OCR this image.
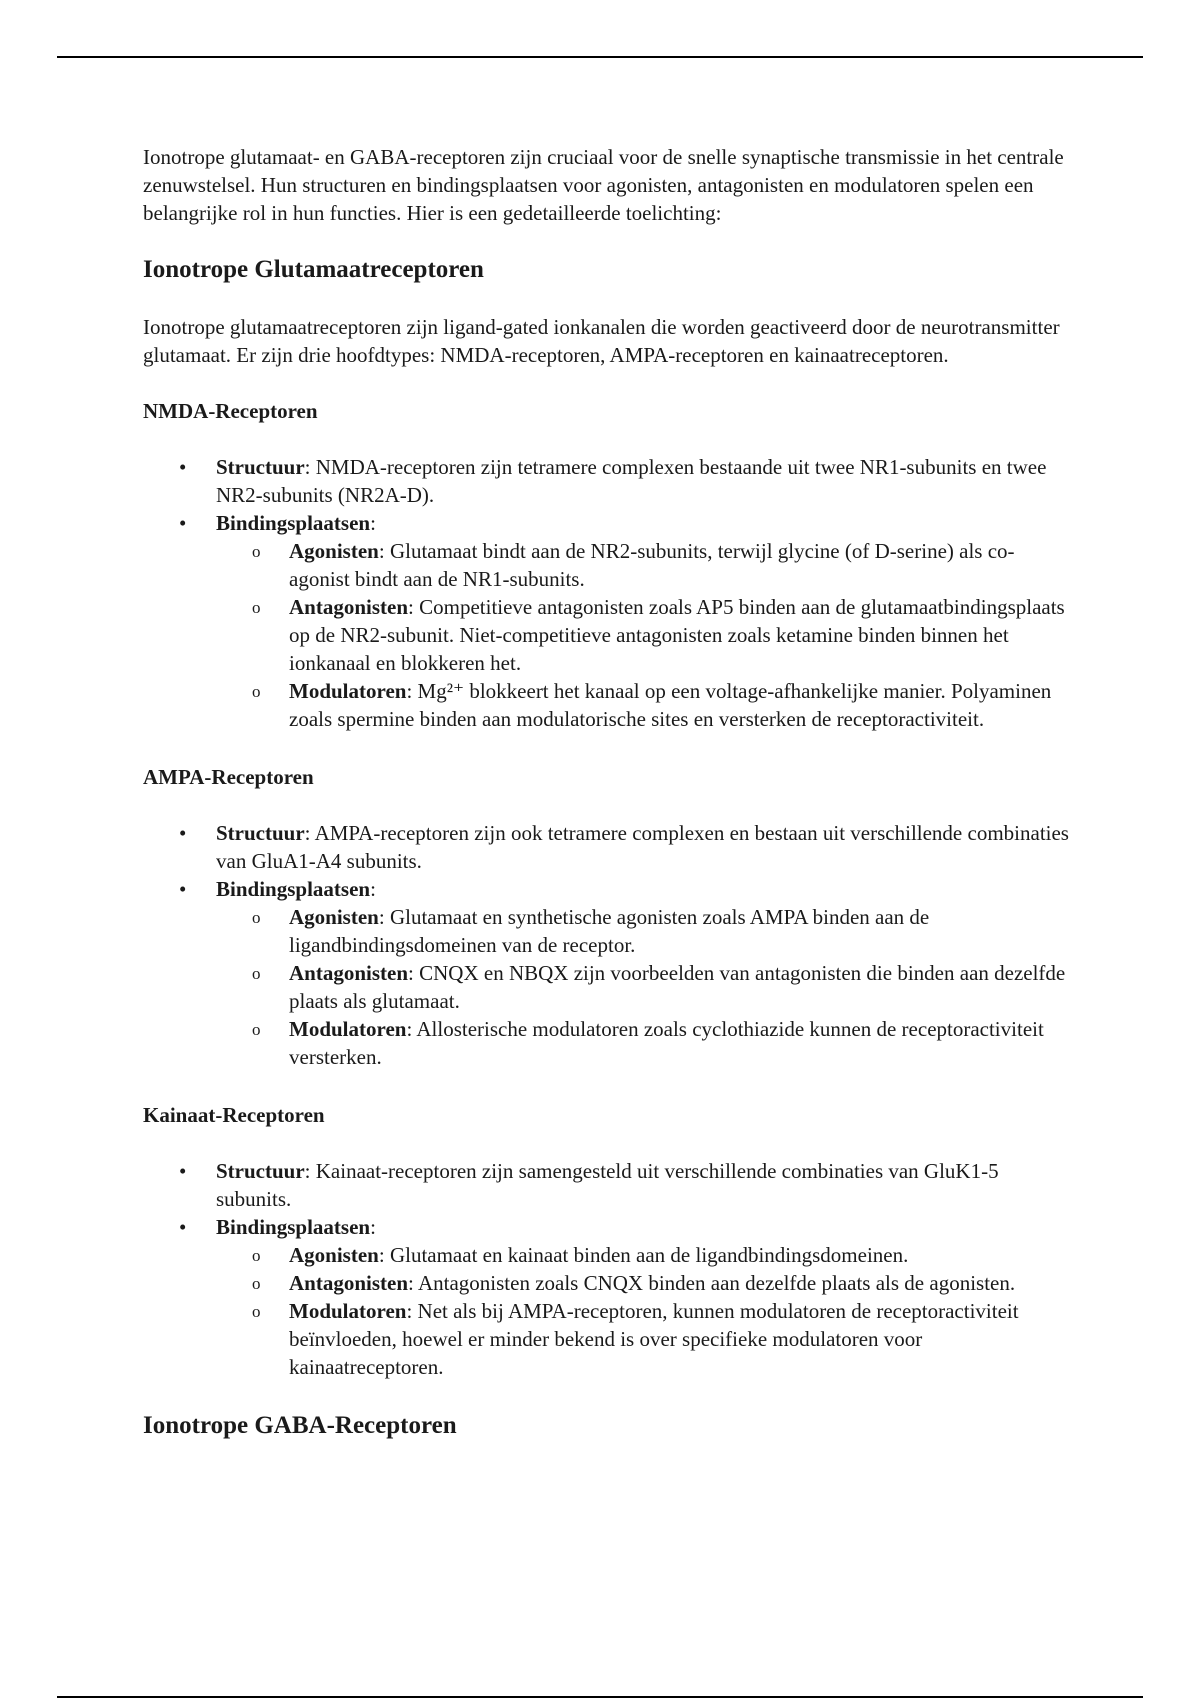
Ionotrope glutamaat- en GABA-receptoren zijn cruciaal voor de snelle synaptische transmissie in het centrale zenuwstelsel. Hun structuren en bindingsplaatsen voor agonisten, antagonisten en modulatoren spelen een belangrijke rol in hun functies. Hier is een gedetailleerde toelichting:

Ionotrope Glutamaatreceptoren

Ionotrope glutamaatreceptoren zijn ligand-gated ionkanalen die worden geactiveerd door de neurotransmitter glutamaat. Er zijn drie hoofdtypes: NMDA-receptoren, AMPA-receptoren en kainaatreceptoren.

NMDA-Receptoren
• Structuur: NMDA-receptoren zijn tetramere complexen bestaande uit twee NR1-subunits en twee NR2-subunits (NR2A-D).
• Bindingsplaatsen:
o Agonisten: Glutamaat bindt aan de NR2-subunits, terwijl glycine (of D-serine) als co-agonist bindt aan de NR1-subunits.
o Antagonisten: Competitieve antagonisten zoals AP5 binden aan de glutamaatbindingsplaats op de NR2-subunit. Niet-competitieve antagonisten zoals ketamine binden binnen het ionkanaal en blokkeren het.
o Modulatoren: Mg²⁺ blokkeert het kanaal op een voltage-afhankelijke manier. Polyaminen zoals spermine binden aan modulatorische sites en versterken de receptoractiviteit.
AMPA-Receptoren
• Structuur: AMPA-receptoren zijn ook tetramere complexen en bestaan uit verschillende combinaties van GluA1-A4 subunits.
• Bindingsplaatsen:
o Agonisten: Glutamaat en synthetische agonisten zoals AMPA binden aan de ligandbindingsdomeinen van de receptor.
o Antagonisten: CNQX en NBQX zijn voorbeelden van antagonisten die binden aan dezelfde plaats als glutamaat.
o Modulatoren: Allosterische modulatoren zoals cyclothiazide kunnen de receptoractiviteit versterken.
Kainaat-Receptoren
• Structuur: Kainaat-receptoren zijn samengesteld uit verschillende combinaties van GluK1-5 subunits.
• Bindingsplaatsen:
o Agonisten: Glutamaat en kainaat binden aan de ligandbindingsdomeinen.
o Antagonisten: Antagonisten zoals CNQX binden aan dezelfde plaats als de agonisten.
o Modulatoren: Net als bij AMPA-receptoren, kunnen modulatoren de receptoractiviteit beïnvloeden, hoewel er minder bekend is over specifieke modulatoren voor kainaatreceptoren.
Ionotrope GABA-Receptoren
